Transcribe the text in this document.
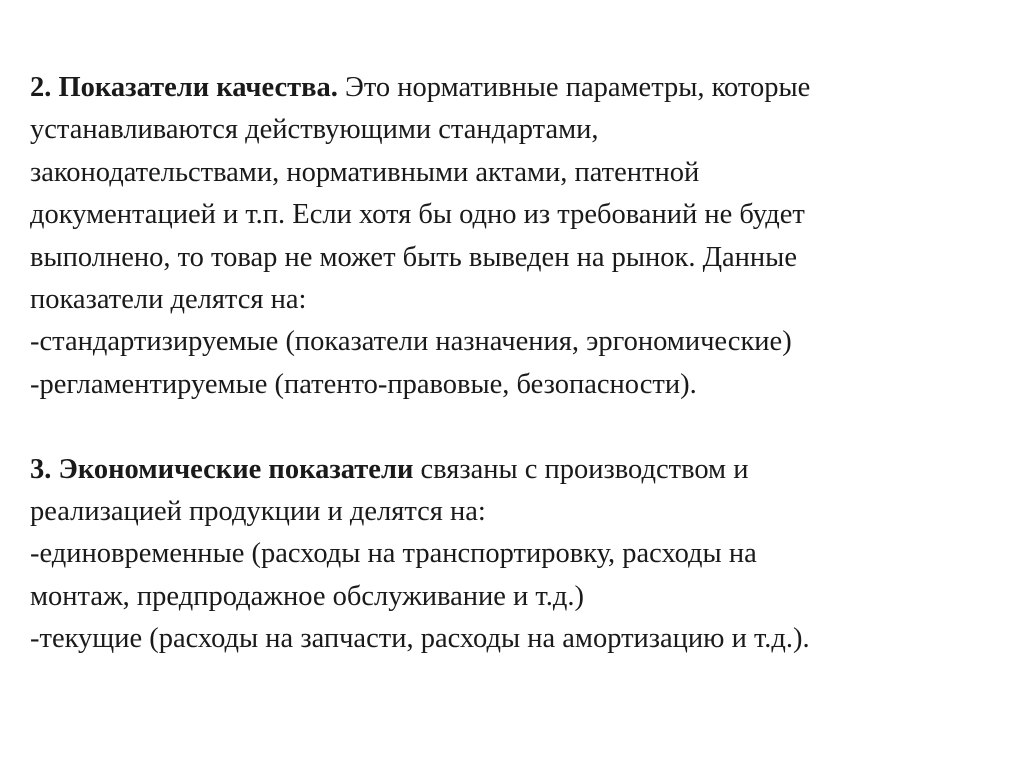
2. Показатели качества. Это нормативные параметры, которые
устанавливаются действующими стандартами,
законодательствами, нормативными актами, патентной
документацией и т.п. Если хотя бы одно из требований не будет
выполнено, то товар не может быть выведен на рынок. Данные
показатели делятся на:
-стандартизируемые (показатели назначения, эргономические)
-регламентируемые (патенто-правовые, безопасности).
3. Экономические показатели связаны с производством и
реализацией продукции и делятся на:
-единовременные (расходы на транспортировку, расходы на
монтаж, предпродажное обслуживание и т.д.)
-текущие (расходы на запчасти, расходы на амортизацию и т.д.).
